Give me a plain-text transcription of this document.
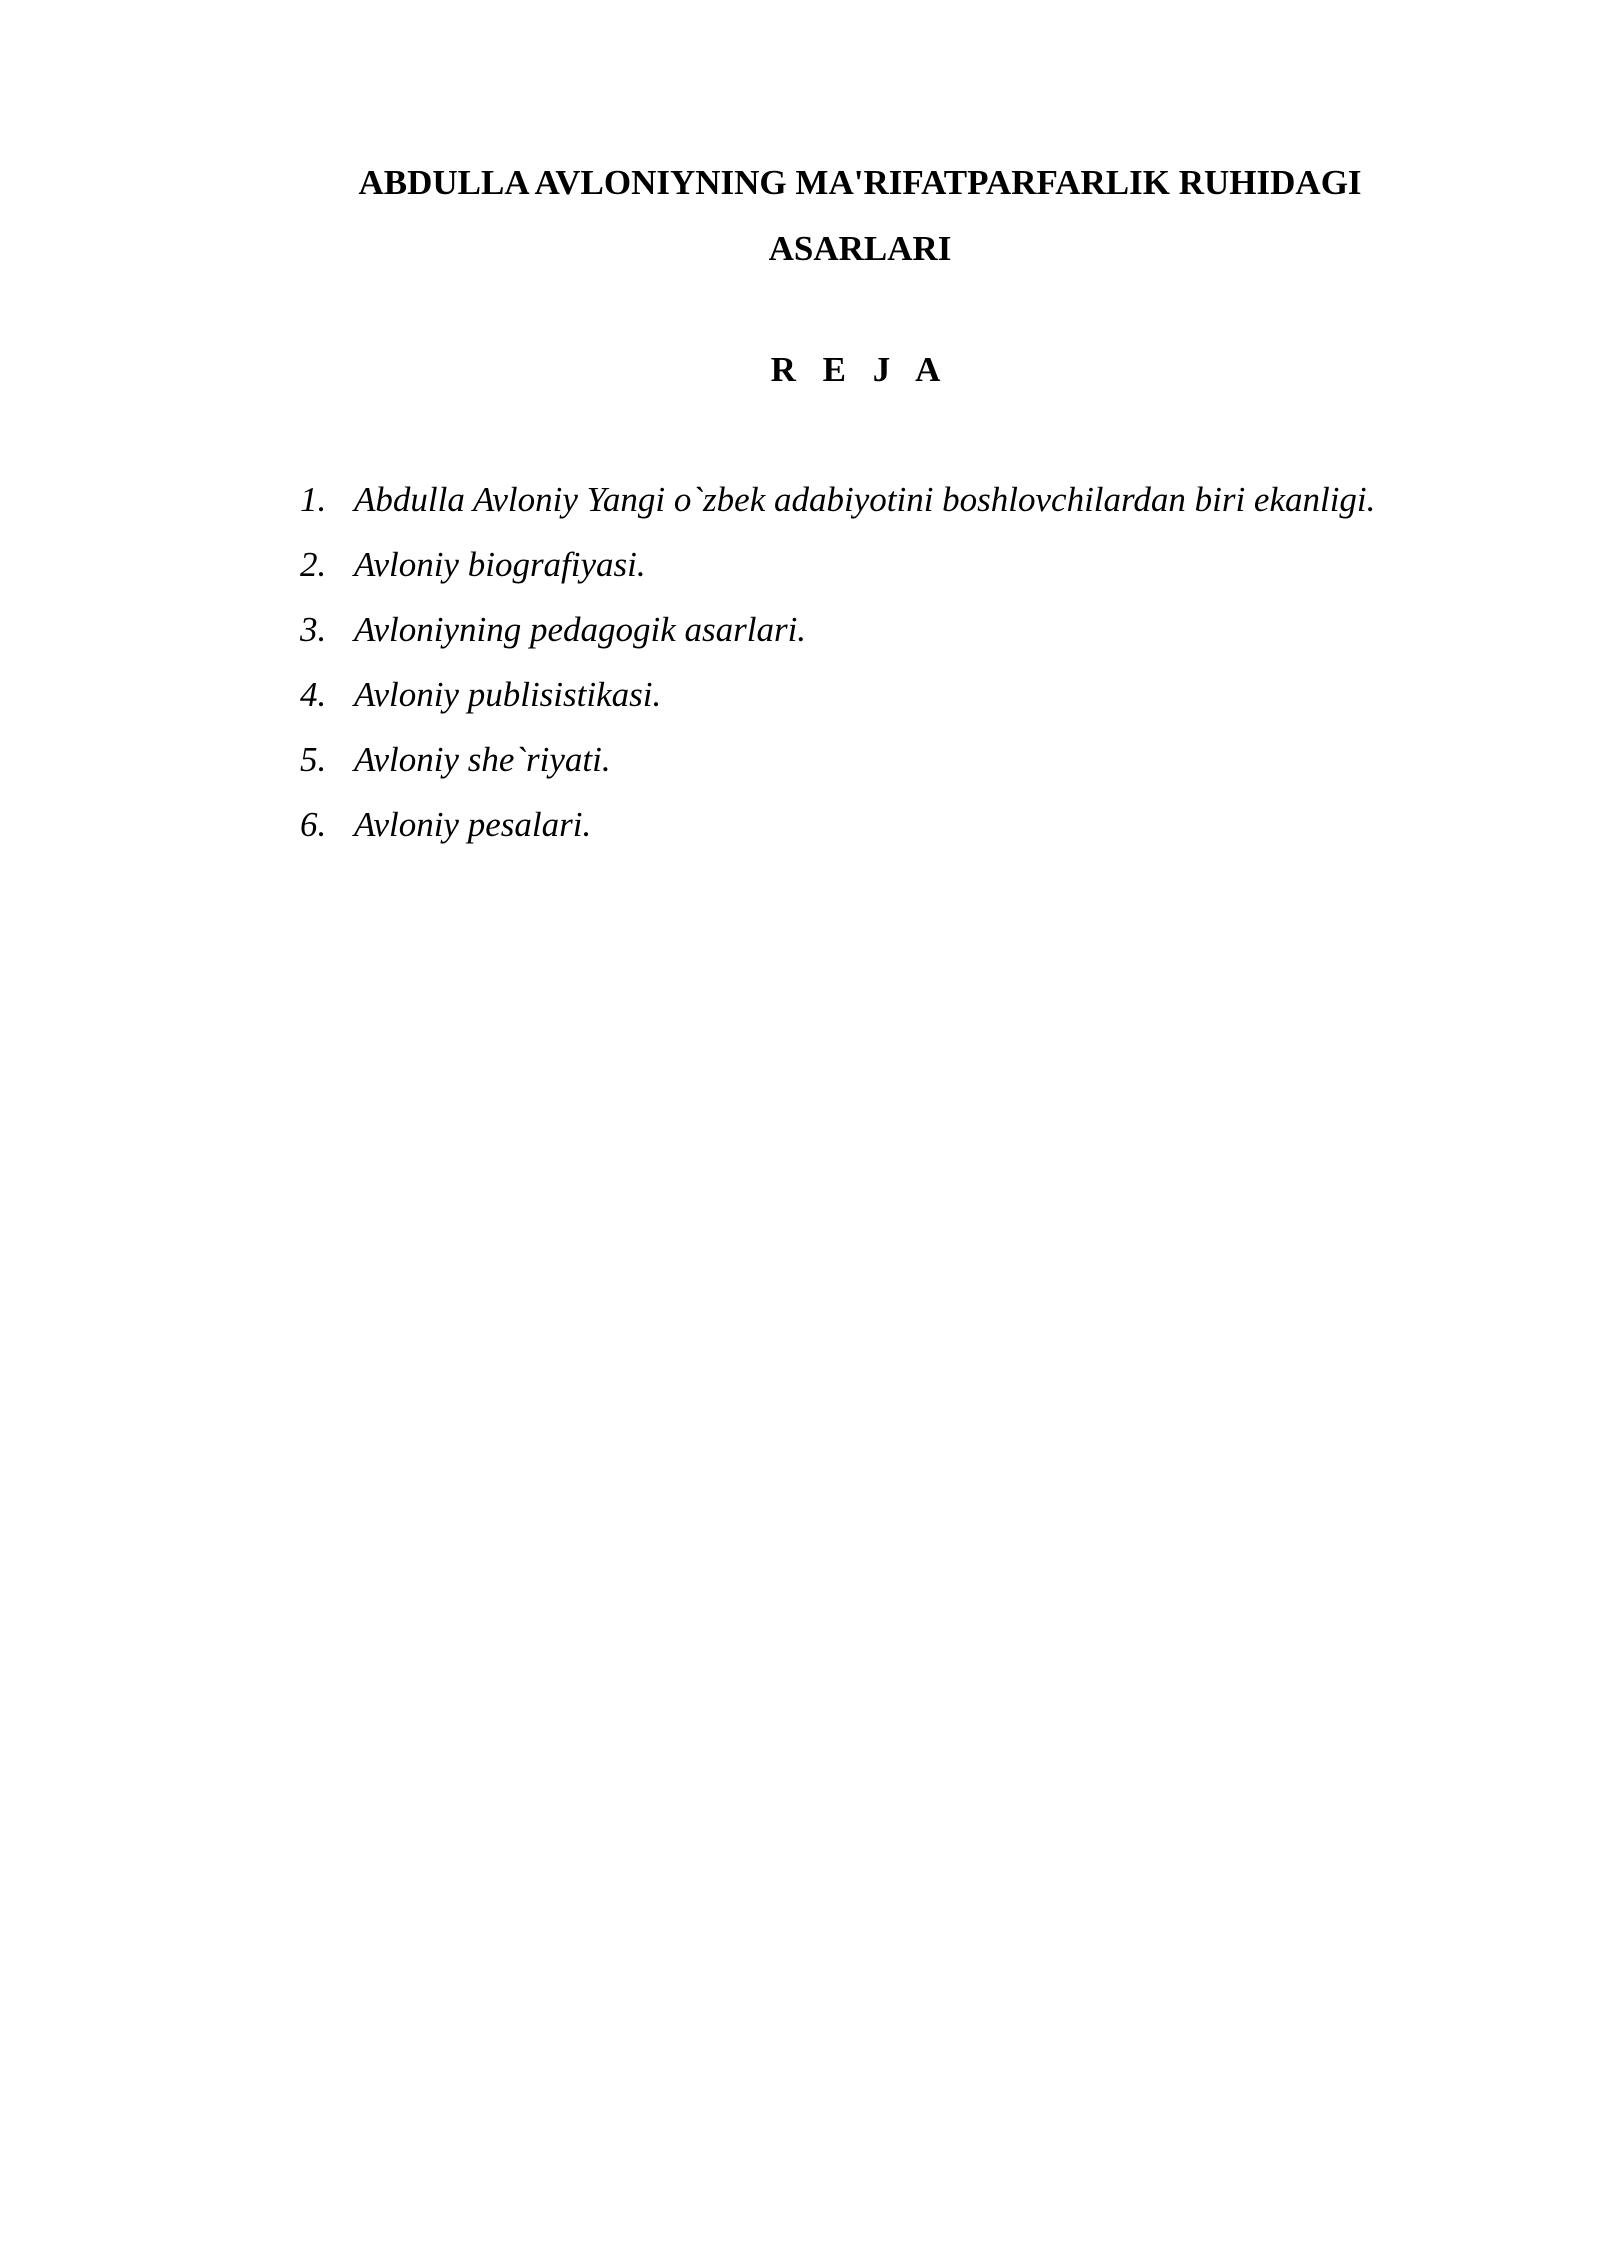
ABDULLA AVLONIYNING MA'RIFATPARFARLIK RUHIDAGI
ASARLARI
R E J A
1. Abdulla Avloniy Yangi o`zbek adabiyotini boshlovchilardan biri ekanligi.
2. Avloniy biografiyasi.
3. Avloniyning pedagogik asarlari.
4. Avloniy publisistikasi.
5. Avloniy she`riyati.
6. Avloniy pesalari.
